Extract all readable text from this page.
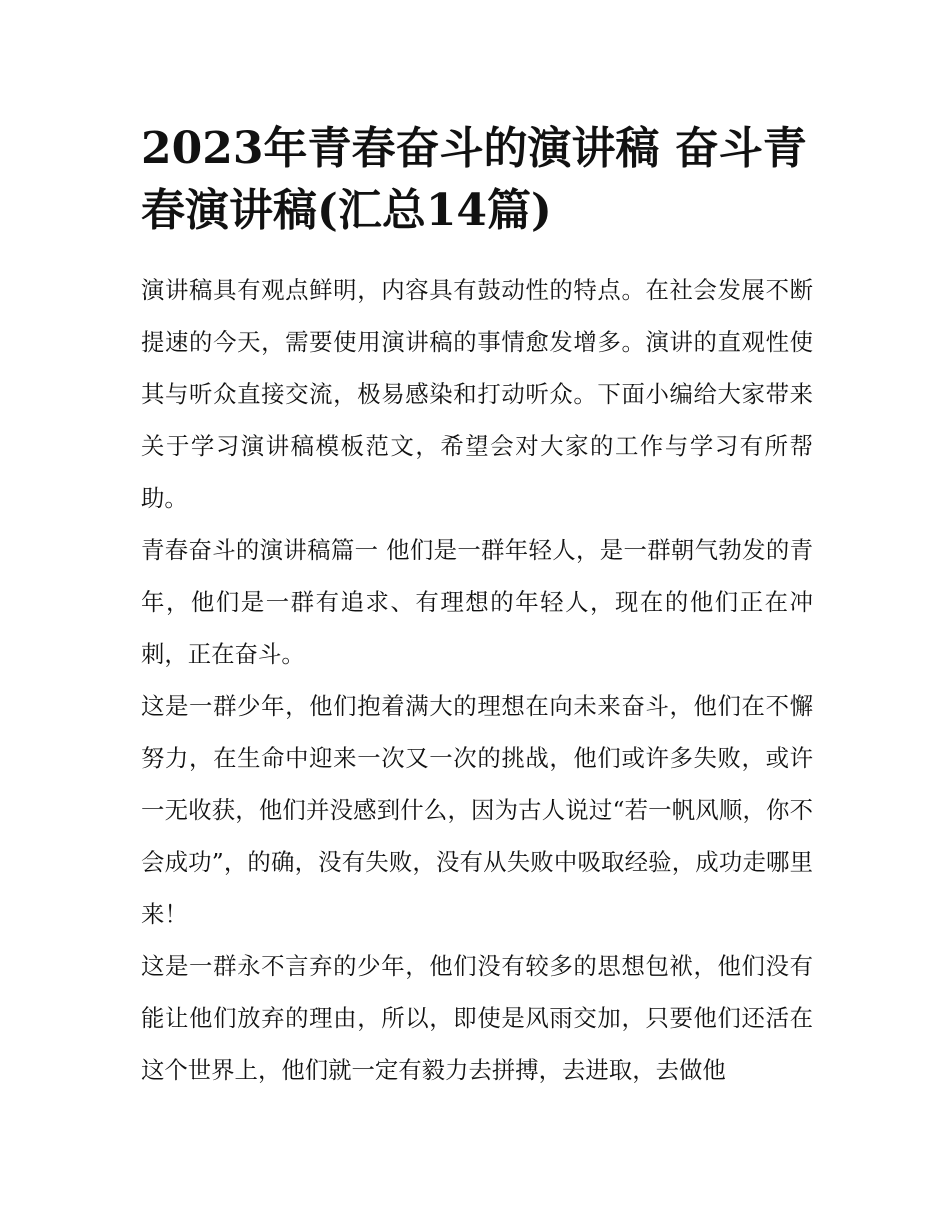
2023年青春奋斗的演讲稿 奋斗青春演讲稿(汇总14篇)

演讲稿具有观点鲜明，内容具有鼓动性的特点。在社会发展不断提速的今天，需要使用演讲稿的事情愈发增多。演讲的直观性使其与听众直接交流，极易感染和打动听众。下面小编给大家带来关于学习演讲稿模板范文，希望会对大家的工作与学习有所帮助。

青春奋斗的演讲稿篇一 他们是一群年轻人，是一群朝气勃发的青年，他们是一群有追求、有理想的年轻人，现在的他们正在冲刺，正在奋斗。

这是一群少年，他们抱着满大的理想在向未来奋斗，他们在不懈努力，在生命中迎来一次又一次的挑战，他们或许多失败，或许一无收获，他们并没感到什么，因为古人说过“若一帆风顺，你不会成功”，的确，没有失败，没有从失败中吸取经验，成功走哪里来！

这是一群永不言弃的少年，他们没有较多的思想包袱，他们没有能让他们放弃的理由，所以，即使是风雨交加，只要他们还活在这个世界上，他们就一定有毅力去拼搏，去进取，去做他
